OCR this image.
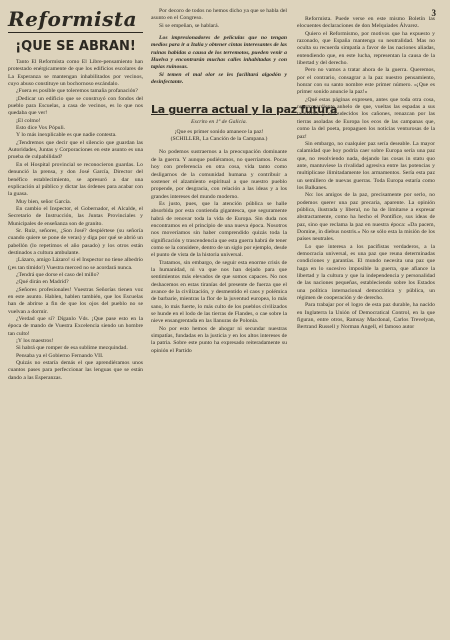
3
Reformista
¡QUE SE ABRAN!

Tanto El Reformista como El Libre-pensamiento han protestado enérgicamente de que los edificios escolares de La Esperanza se mantengan inhabilitados por vecinos, cuyo abuso constituye un bochornoso escándalo.

¿Fuera es posible que toleremos tamaña profanación?

¡Dedicar un edificio que se construyó con fondos del pueblo para Escuelas, a casa de vecinos, es lo que nos quedaba que ver!

¡El colmo!

Esto dice Vox Pópuli.

Y lo más inexplicable es que nadie contesta.

¿Tendremos que decir que el silencio que guardan las Autoridades, Juntas y Corporaciones en este asunto es una prueba de culpabilidad?

En el Hospital provincial se reconocieron guardas. Lo denunció la prensa, y don José García, Director del benéfico establecimiento, se apresuró a dar una explicación al público y dictar las órdenes para acabar con la guasa.

Muy bien, señor García.

En cambio el Inspector, el Gobernador, el Alcalde, el Secretario de Instrucción, las Juntas Provinciales y Municipales de enseñanza son de granito.

Sr. Ruiz, señores, ¿Son José? despiértese (su señoría cuando quiere se pone de veras) y diga por qué se abrió un pabellón (lo repetimos el año pasado) y los otros están destinados a cultura ambulante.

¡Lázaro, amigo Lázaro! si el Inspector no tiene albedrío (¡es tan tímido!) Vuestra merced no se acordará nunca.

¿Tendrá que dorse el caso del millo?

¿Qué dirán en Madrid?

¿Señores profesionales! Vuestras Señorías tienen voz en este asunto. Hablen, hablen también, que los Escuelas han de abrirse a fin de que los ojos del pueblo no se vuelvan a dormir.

¿Verdad que sí? Díganlo Vds. ¡Que pase esto en la época de mando de Vuestra Excelencia siendo un hombre tan culto!

¡Y los maestros!

Si habrá que romper de esa sublime mezquindad.

Pensaba ya el Gobierno Fernando VII.

Quizás no estaría demás el que aprendiéramos unos cuantos pases para perfeccionar las lenguas que se están dando a las Esperanzas.

Por decoro de todos no hemos dicho ya que se habla del asunto en el Congreso.

Si se empeñan, se hablará.

Los impresionadores de películas que no tengan medios para ir a Italia y obtener cintas interesantes de las ruinas habidas a causa de los terremotos, pueden venir a Huelva y encontrarán muchas calles inhabitadas y con tapias ruinosas.

Si temen el mal olor se les facilitará algodón y desinfectante.

La guerra actual y la paz futura
Escrito en 1º de Galicia.
¡Que es primer sonido amanece la paz!
(SCHILLER, La Canción de la Campana.)

No podemos sustraernos a la preocupación dominante de la guerra. Y aunque pudiéramos, no querríamos. Pocas hoy con preferencia en otra cosa, vida tanto como desligarnos de la comunidad humana y contribuir a sostener el alzamiento espiritual a que nuestro pueblo propende, por desgracia, con relación a las ideas y a los grandes intereses del mundo moderno.

Es justo, pues, que la atención pública se halle absorbida por esta contienda gigantesca, que seguramente habrá de renovar toda la vida de Europa. Sin duda nos encontramos en el principio de una nueva época. Nosotros nos moveríamos sin haber comprendido quizás toda la significación y trascendencia que esta guerra habrá de tener como se la considere, dentro de un siglo por ejemplo, desde el punto de vista de la historia universal.

Tratamos, sin embargo, de seguir esta enorme crisis de la humanidad, ni va que nos han dejado para que sentimientos más elevados de que somos capaces. No nos deshacemos en estas tiranías del presente de fuerza que el avance de la civilización, y desmentido el caos y polémica de barbarie, mientras la flor de la juventud europea, lo más sano, lo más fuerte, lo más culto de los pueblos civilizados se hunde en el lodo de las tierras de Flandes, o cae sobre la nieve ensangrentada en las llanuras de Polonia.

No por esto hemos de ahogar ni secundar nuestras simpatías, fundadas en la justicia y en los altos intereses de la patria. Sobre este punto ha expresado reiteradamente su opinión el Partido

Reformista. Puede verse en este mismo Boletín las elocuentes declaraciones de don Melquiades Álvarez.

Quiero el Reformismo, por motivos que ha expuesto y razonado, que España mantenga su neutralidad. Mas no oculta su recuerda simpatía a favor de las naciones aliadas, entendiendo que, en este lucha, representan la causa de la libertad y del derecho.

Pero no vamos a tratar ahora de la guerra. Queremos, por el contrario, consagrar a la paz nuestro pensamiento, honrar con su santo nombre este primer número. «¡Que es primer sonido anuncie la paz!»

¿Qué estas páginas expresen, antes que toda otra cosa, nuestro ardiente anhelo de que, vueltas las espadas a sus talabartes y enmudecidos los cañones, renazcan por las tierras asoladas de Europa los ecos de las campanas que, como la del poeta, propaguen los noticias venturosas de la paz!

Sin embargo, no cualquier paz sería deseable. La mayor calamidad que hoy podría caer sobre Europa sería una paz que, no resolviendo nada, dejando las cosas in statu quo ante, mantuviese la rivalidad agresiva entre las potencias y multiplicase ilimitadamente los armamentos. Sería esta paz un semillero de nuevas guerras. Toda Europa estaría como los Balkanes.

No: los amigos de la paz, precisamente por serlo, no podemos querer una paz precaria, aparente. La opinión pública, ilustrada y liberal, no ha de limitarse a expresar abstractamente, como ha hecho el Pontífice, sus ideas de paz, sino que reclama la paz en nuestra época: «Da pacem, Domine, in diebus nostris.» No se sólo esta la misión de los países neutrales.

Lo que interesa a los pacifistas verdaderos, a la democracia universal, es una paz que reuna determinadas condiciones y garantías. El mundo necesita una paz que haga en lo sucesivo imposible la guerra, que afiance la libertad y la cultura y que la independencia y personalidad de las naciones pequeñas, estableciendo sobre los Estados una política internacional democrática y pública, un régimen de cooperación y de derecho.

Para trabajar por el logro de esta paz durable, ha nacido en Inglaterra la Unión of Democratical Control, en la que figuran, entre otros, Ramsay Macdonal, Carlos Trevelyan, Bertrand Russell y Norman Angell, el famoso autor
